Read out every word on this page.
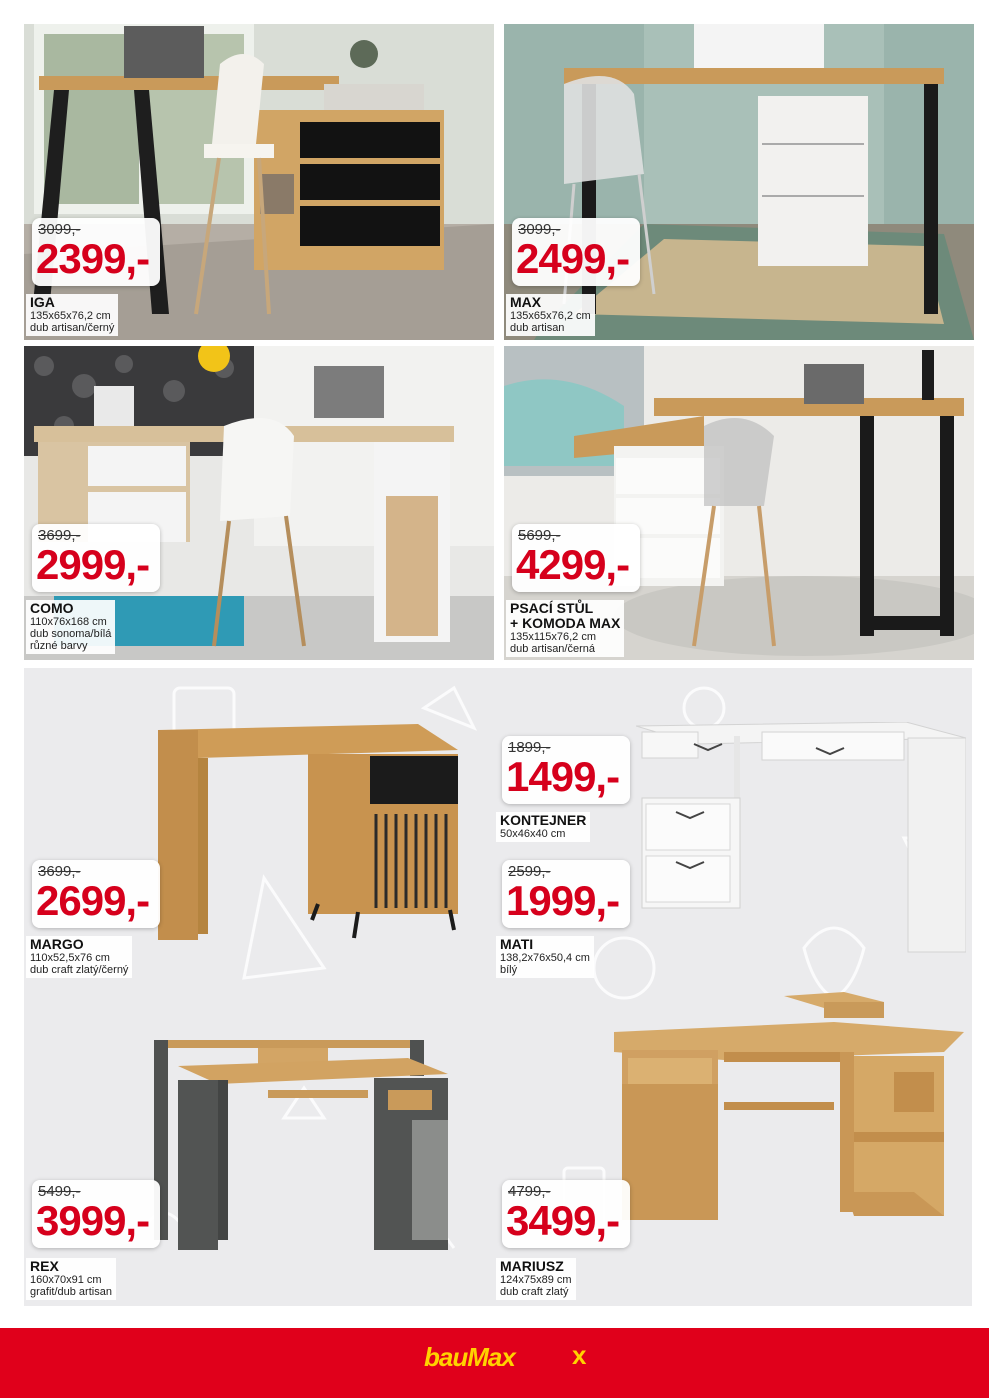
3099,-
2399,-
IGA
135x65x76,2 cm
dub artisan/černý
3099,-
2499,-
MAX
135x65x76,2 cm
dub artisan
3699,-
2999,-
COMO
110x76x168 cm
dub sonoma/bílá
různé barvy
5699,-
4299,-
PSACÍ STŮL
+ KOMODA MAX
135x115x76,2 cm
dub artisan/černá
3699,-
2699,-
MARGO
110x52,5x76 cm
dub craft zlatý/černý
1899,-
1499,-
KONTEJNER
50x46x40 cm
2599,-
1999,-
MATI
138,2x76x50,4 cm
bílý
5499,-
3999,-
REX
160x70x91 cm
grafit/dub artisan
4799,-
3499,-
MARIUSZ
124x75x89 cm
dub craft zlatý
bauMax x
